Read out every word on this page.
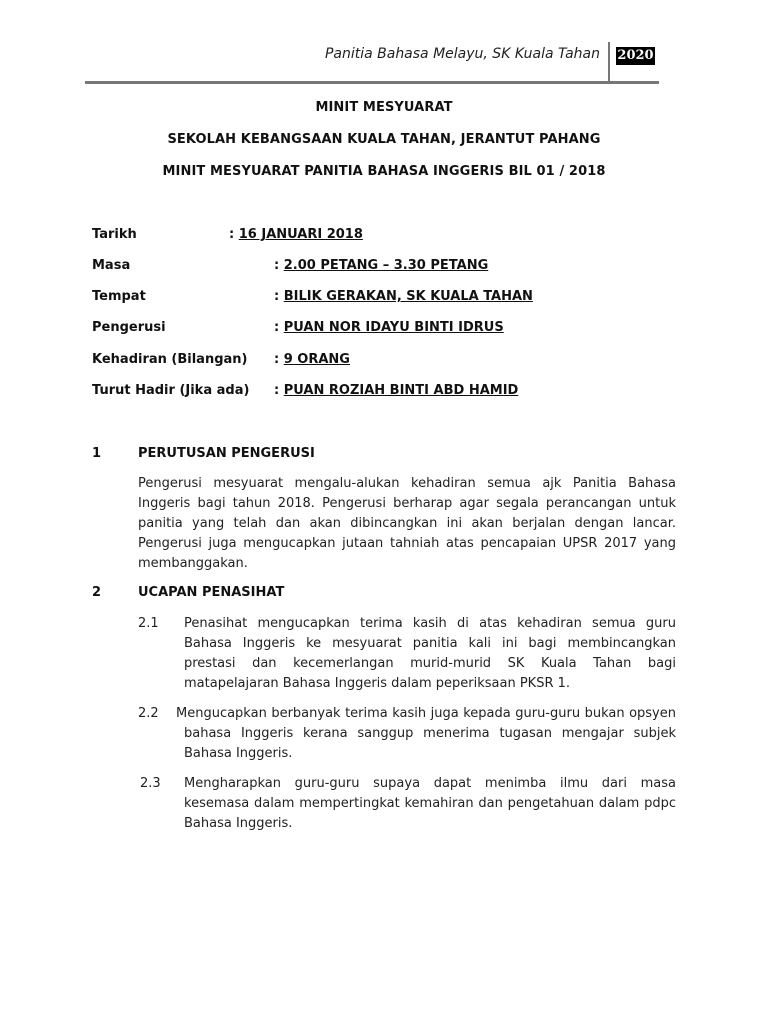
Panitia Bahasa Melayu, SK Kuala Tahan 2020
MINIT MESYUARAT
SEKOLAH KEBANGSAAN KUALA TAHAN, JERANTUT PAHANG
MINIT MESYUARAT PANITIA BAHASA INGGERIS BIL 01 / 2018
Tarikh	: 16 JANUARI 2018
Masa	: 2.00 PETANG – 3.30 PETANG
Tempat	: BILIK GERAKAN, SK KUALA TAHAN
Pengerusi	: PUAN NOR IDAYU BINTI IDRUS
Kehadiran (Bilangan) : 9 ORANG
Turut Hadir (Jika ada) : PUAN ROZIAH BINTI ABD HAMID
1	PERUTUSAN PENGERUSI
Pengerusi mesyuarat mengalu-alukan kehadiran semua ajk Panitia Bahasa Inggeris bagi tahun 2018. Pengerusi berharap agar segala perancangan untuk panitia yang telah dan akan dibincangkan ini akan berjalan dengan lancar. Pengerusi juga mengucapkan jutaan tahniah atas pencapaian UPSR 2017 yang membanggakan.
2	UCAPAN PENASIHAT
2.1 Penasihat mengucapkan terima kasih di atas kehadiran semua guru Bahasa Inggeris ke mesyuarat panitia kali ini bagi membincangkan prestasi dan kecemerlangan murid-murid SK Kuala Tahan bagi matapelajaran Bahasa Inggeris dalam peperiksaan PKSR 1.
2.2 Mengucapkan berbanyak terima kasih juga kepada guru-guru bukan opsyen bahasa Inggeris kerana sanggup menerima tugasan mengajar subjek Bahasa Inggeris.
2.3 Mengharapkan guru-guru supaya dapat menimba ilmu dari masa kesemasa dalam mempertingkat kemahiran dan pengetahuan dalam pdpc Bahasa Inggeris.
